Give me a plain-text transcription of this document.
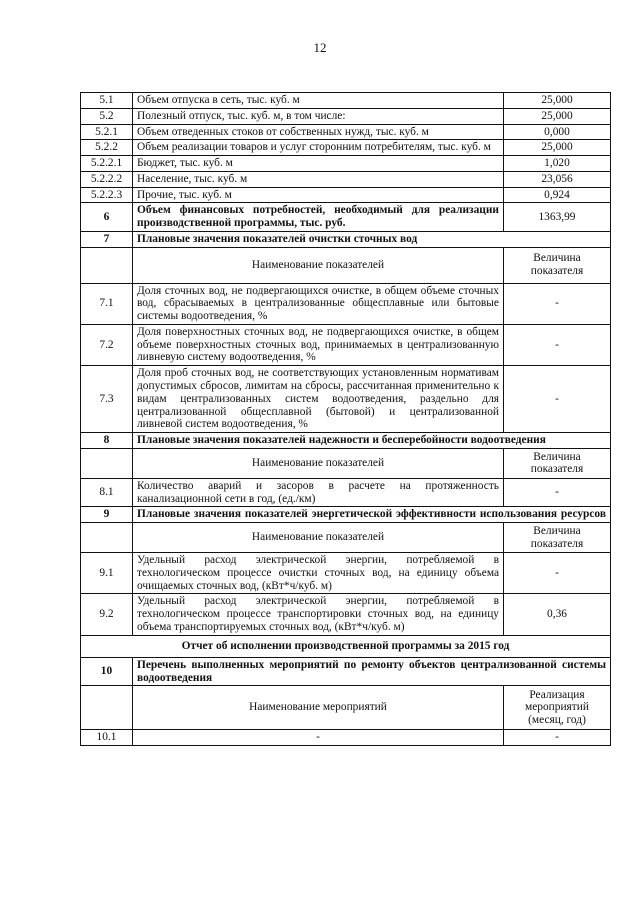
12
5.1	Объем отпуска в сеть, тыс. куб. м	25,000
5.2	Полезный отпуск, тыс. куб. м, в том числе:	25,000
5.2.1	Объем отведенных стоков от собственных нужд, тыс. куб. м	0,000
5.2.2	Объем реализации товаров и услуг сторонним потребителям, тыс. куб. м	25,000
5.2.2.1	Бюджет, тыс. куб. м	1,020
5.2.2.2	Население, тыс. куб. м	23,056
5.2.2.3	Прочие, тыс. куб. м	0,924
6	Объем финансовых потребностей, необходимый для реализации производственной программы, тыс. руб.	1363,99
7	Плановые значения показателей очистки сточных вод	
	Наименование показателей	Величина показателя
7.1	Доля сточных вод, не подвергающихся очистке, в общем объеме сточных вод, сбрасываемых в централизованные общесплавные или бытовые системы водоотведения, %	-
7.2	Доля поверхностных сточных вод, не подвергающихся очистке, в общем объеме поверхностных сточных вод, принимаемых в централизованную ливневую систему водоотведения, %	-
7.3	Доля проб сточных вод, не соответствующих установленным нормативам допустимых сбросов, лимитам на сбросы, рассчитанная применительно к видам централизованных систем водоотведения, раздельно для централизованной общесплавной (бытовой) и централизованной ливневой систем водоотведения, %	-
8	Плановые значения показателей надежности и бесперебойности водоотведения	
	Наименование показателей	Величина показателя
8.1	Количество аварий и засоров в расчете на протяженность канализационной сети в год, (ед./км)	-
9	Плановые значения показателей энергетической эффективности использования ресурсов	
	Наименование показателей	Величина показателя
9.1	Удельный расход электрической энергии, потребляемой в технологическом процессе очистки сточных вод, на единицу объема очищаемых сточных вод, (кВт*ч/куб. м)	-
9.2	Удельный расход электрической энергии, потребляемой в технологическом процессе транспортировки сточных вод, на единицу объема транспортируемых сточных вод, (кВт*ч/куб. м)	0,36
Отчет об исполнении производственной программы за 2015 год		
10	Перечень выполненных мероприятий по ремонту объектов централизованной системы водоотведения	
	Наименование мероприятий	Реализация мероприятий (месяц, год)
10.1	-	-
